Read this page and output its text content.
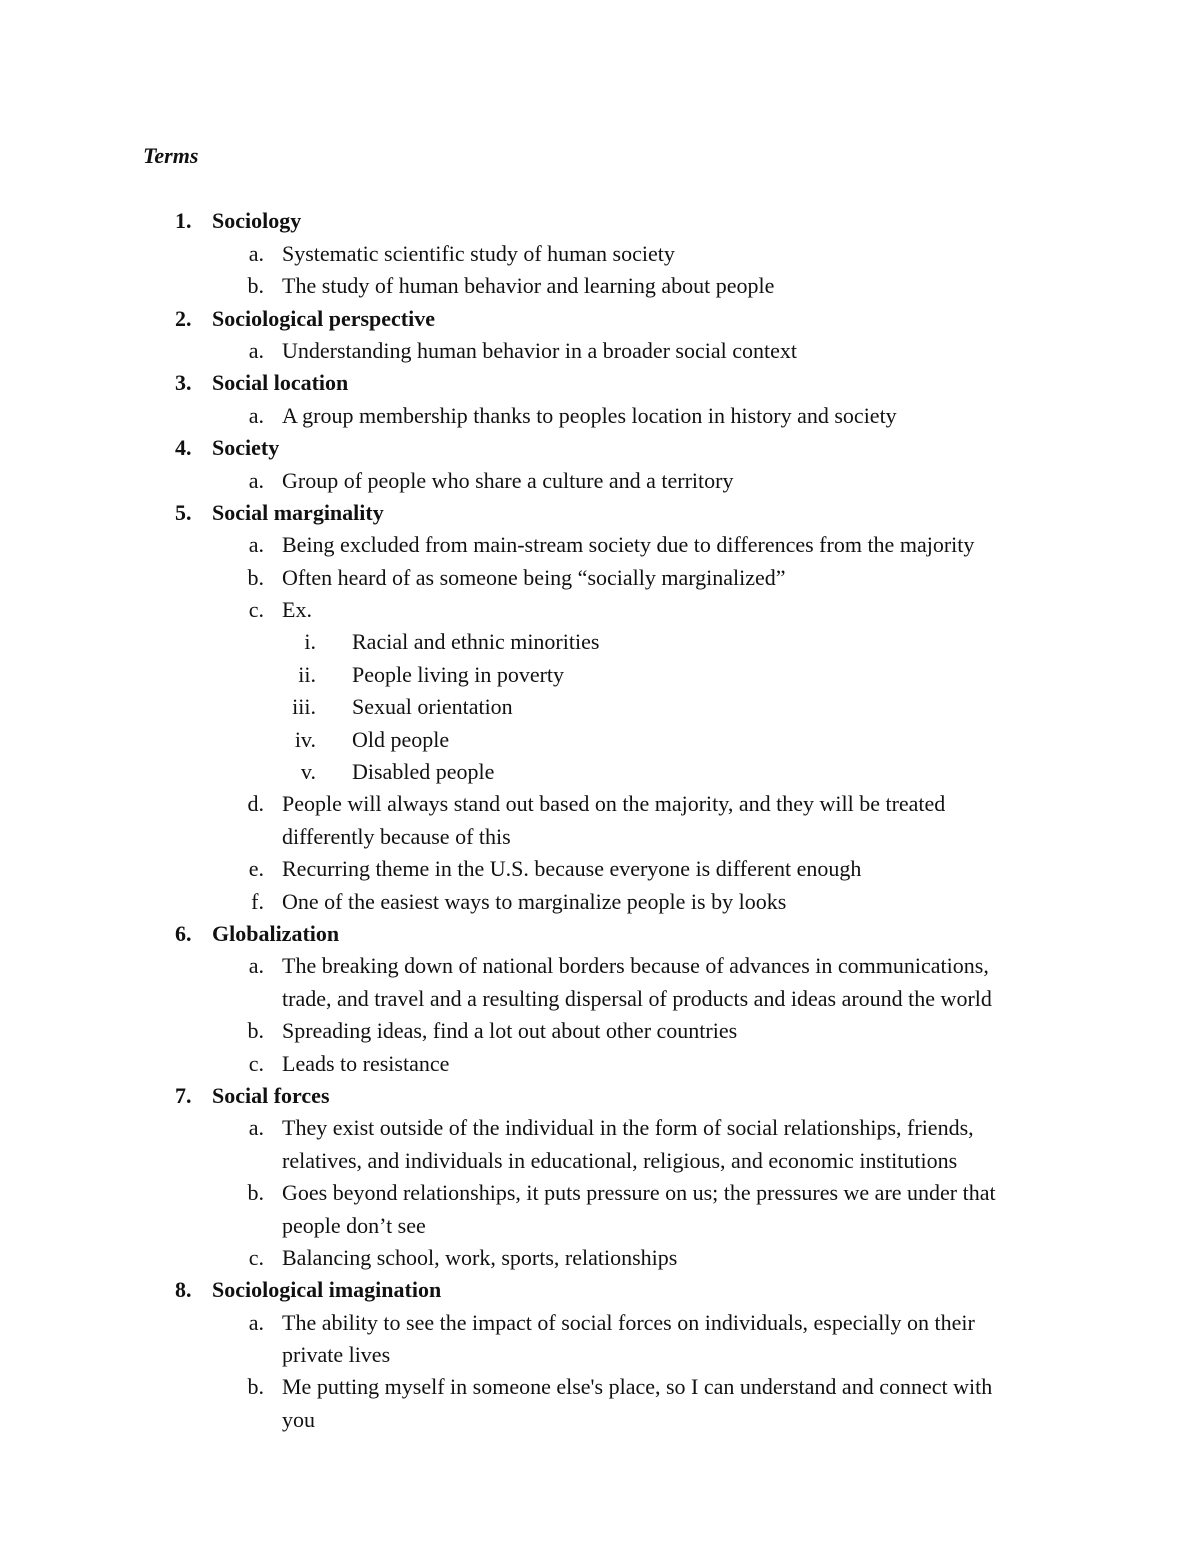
Terms
1. Sociology
a. Systematic scientific study of human society
b. The study of human behavior and learning about people
2. Sociological perspective
a. Understanding human behavior in a broader social context
3. Social location
a. A group membership thanks to peoples location in history and society
4. Society
a. Group of people who share a culture and a territory
5. Social marginality
a. Being excluded from main-stream society due to differences from the majority
b. Often heard of as someone being “socially marginalized”
c. Ex.
i. Racial and ethnic minorities
ii. People living in poverty
iii. Sexual orientation
iv. Old people
v. Disabled people
d. People will always stand out based on the majority, and they will be treated
differently because of this
e. Recurring theme in the U.S. because everyone is different enough
f. One of the easiest ways to marginalize people is by looks
6. Globalization
a. The breaking down of national borders because of advances in communications,
trade, and travel and a resulting dispersal of products and ideas around the world
b. Spreading ideas, find a lot out about other countries
c. Leads to resistance
7. Social forces
a. They exist outside of the individual in the form of social relationships, friends,
relatives, and individuals in educational, religious, and economic institutions
b. Goes beyond relationships, it puts pressure on us; the pressures we are under that
people don’t see
c. Balancing school, work, sports, relationships
8. Sociological imagination
a. The ability to see the impact of social forces on individuals, especially on their
private lives
b. Me putting myself in someone else's place, so I can understand and connect with
you
